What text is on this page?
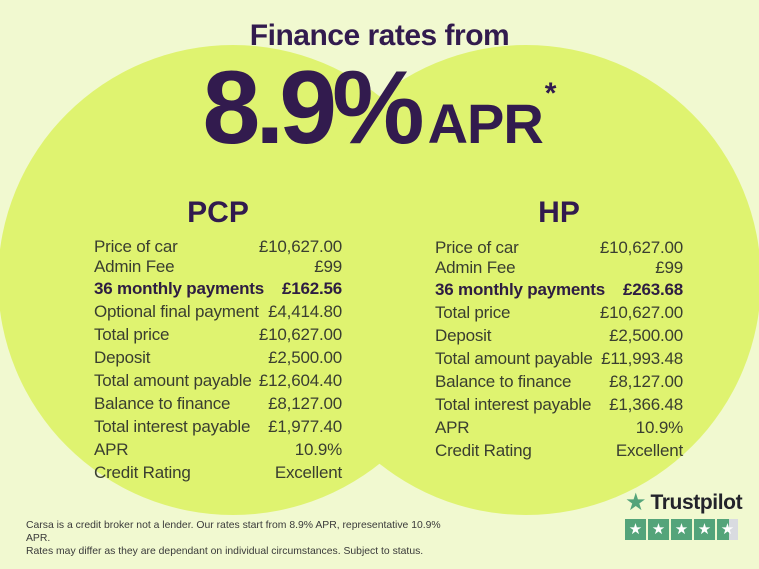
Finance rates from
8.9% APR *
PCP	HP
Price of car	£10,627.00
Admin Fee	£99
36 monthly payments £162.56
Optional final payment £4,414.80
Total price	£10,627.00
Deposit	£2,500.00
Total amount payable £12,604.40
Balance to finance £8,127.00
Total interest payable £1,977.40
APR	10.9%
Credit Rating	Excellent
Price of car	£10,627.00
Admin Fee	£99
36 monthly payments £263.68
Total price	£10,627.00
Deposit	£2,500.00
Total amount payable £11,993.48
Balance to finance £8,127.00
Total interest payable £1,366.48
APR	10.9%
Credit Rating	Excellent
Carsa is a credit broker not a lender. Our rates start from 8.9% APR, representative 10.9% APR.
Rates may differ as they are dependant on individual circumstances. Subject to status.
★ Trustpilot
★ ★ ★ ★ ★
